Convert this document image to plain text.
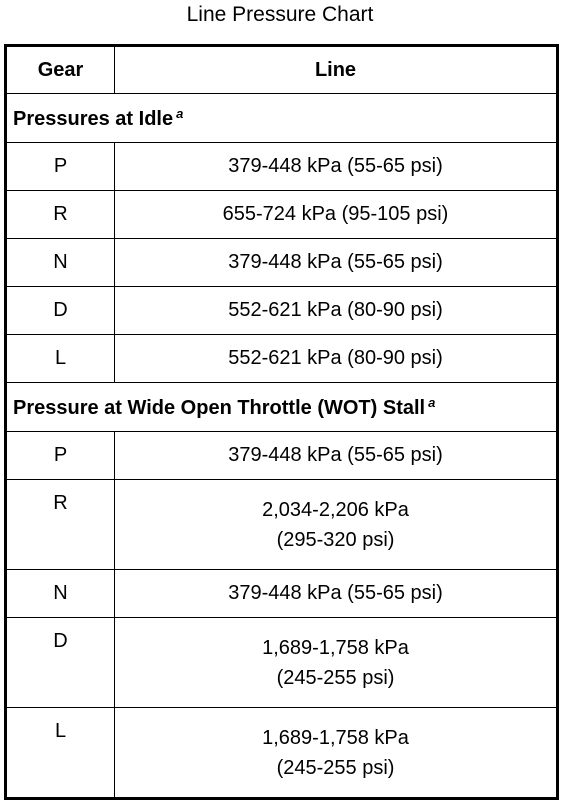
Line Pressure Chart
Gear	Line
Pressures at Idle $^a$
P	379-448 kPa (55-65 psi)

R	655-724 kPa (95-105 psi)

N	379-448 kPa (55-65 psi)

D	552-621 kPa (80-90 psi)

L	552-621 kPa (80-90 psi)

Pressure at Wide Open Throttle (WOT) Stall $^a$
P	379-448 kPa (55-65 psi)

R	2,034-2,206 kPa
(295-320 psi)

N	379-448 kPa (55-65 psi)

D	1,689-1,758 kPa
(245-255 psi)

L	1,689-1,758 kPa
(245-255 psi)
